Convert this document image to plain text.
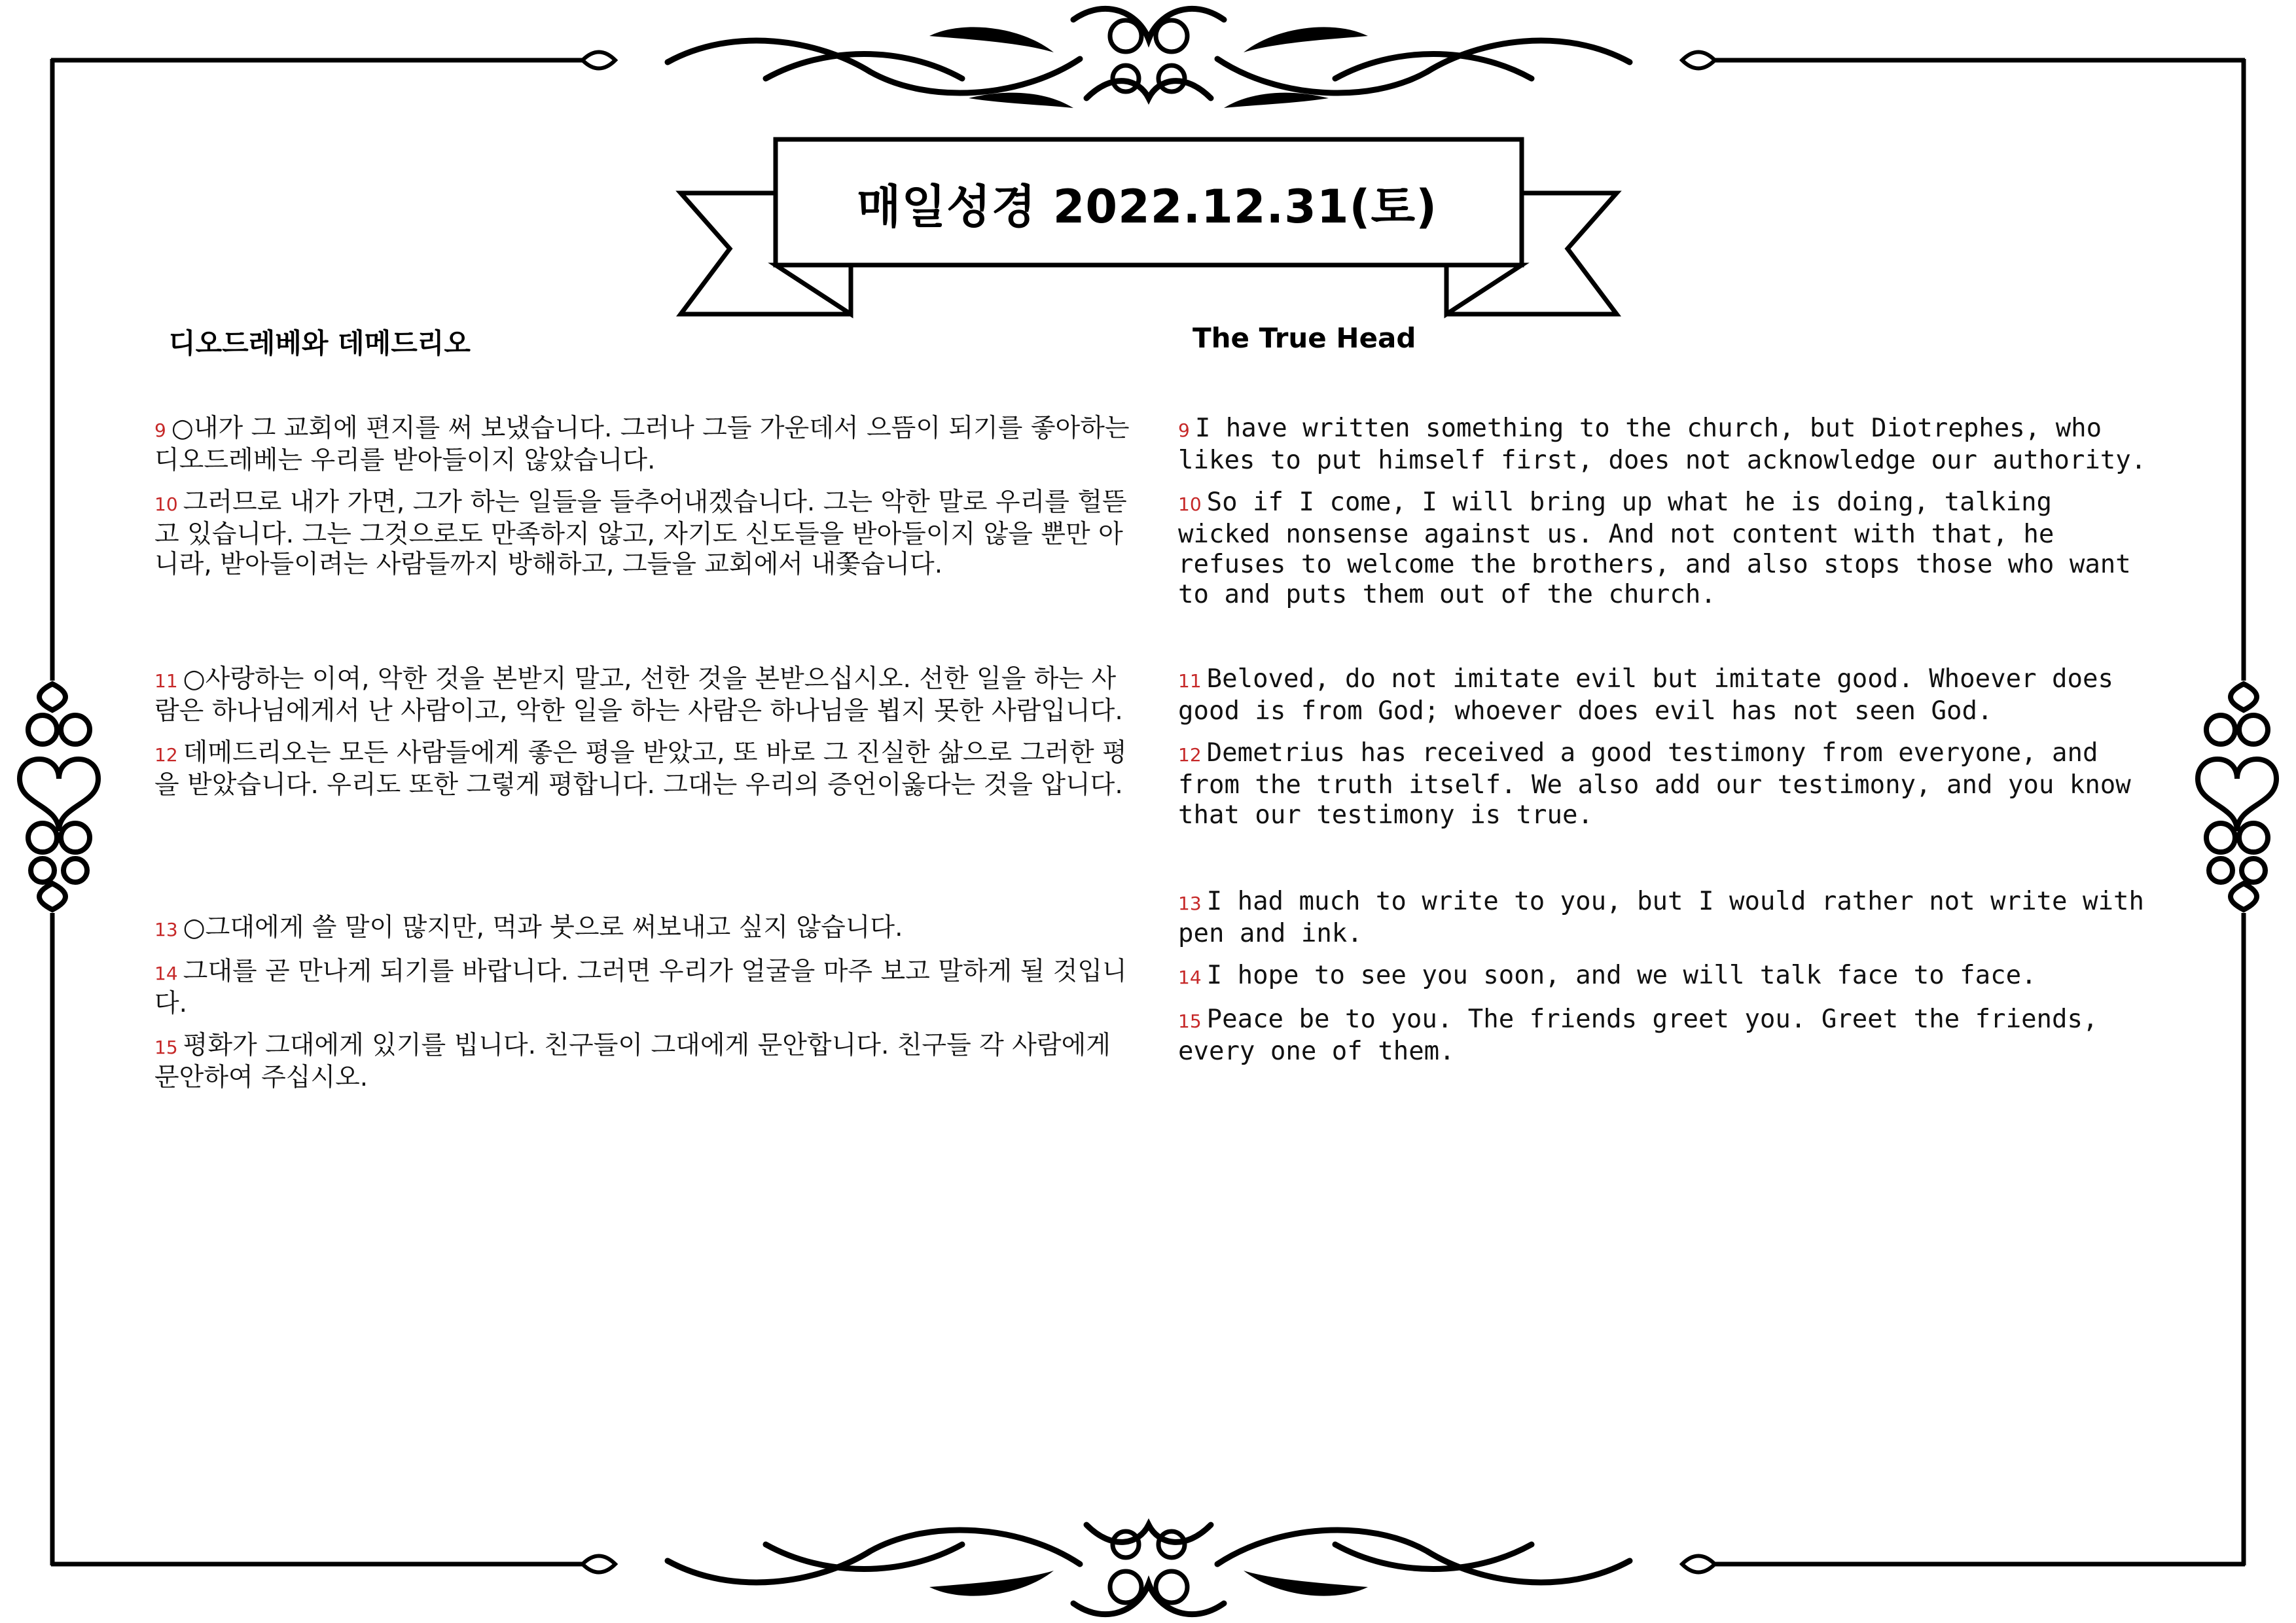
매일성경 2022.12.31(토)
디오드레베와 데메드리오	The True Head

9 ○내가 그 교회에 편지를 써 보냈습니다. 그러나 그들 가운데서 으뜸이 되기를 좋아하는 디오드레베는 우리를 받아들이지 않았습니다.

10 그러므로 내가 가면, 그가 하는 일들을 들추어내겠습니다. 그는 악한 말로 우리를 헐뜯고 있습니다. 그는 그것으로도 만족하지 않고, 자기도 신도들을 받아들이지 않을 뿐만 아니라, 받아들이려는 사람들까지 방해하고, 그들을 교회에서 내쫓습니다.

11 ○사랑하는 이여, 악한 것을 본받지 말고, 선한 것을 본받으십시오. 선한 일을 하는 사람은 하나님에게서 난 사람이고, 악한 일을 하는 사람은 하나님을 뵙지 못한 사람입니다.

12 데메드리오는 모든 사람들에게 좋은 평을 받았고, 또 바로 그 진실한 삶으로 그러한 평을 받았습니다. 우리도 또한 그렇게 평합니다. 그대는 우리의 증언이옳다는 것을 압니다.

13 ○그대에게 쓸 말이 많지만, 먹과 붓으로 써보내고 싶지 않습니다.

14 그대를 곧 만나게 되기를 바랍니다. 그러면 우리가 얼굴을 마주 보고 말하게 될 것입니다.

15 평화가 그대에게 있기를 빕니다. 친구들이 그대에게 문안합니다. 친구들 각 사람에게 문안하여 주십시오.

9 I have written something to the church, but Diotrephes, who likes to put himself first, does not acknowledge our authority.

10 So if I come, I will bring up what he is doing, talking wicked nonsense against us. And not content with that, he refuses to welcome the brothers, and also stops those who want to and puts them out of the church.

11 Beloved, do not imitate evil but imitate good. Whoever does good is from God; whoever does evil has not seen God.

12 Demetrius has received a good testimony from everyone, and from the truth itself. We also add our testimony, and you know that our testimony is true.

13 I had much to write to you, but I would rather not write with pen and ink.

14 I hope to see you soon, and we will talk face to face.

15 Peace be to you. The friends greet you. Greet the friends, every one of them.
